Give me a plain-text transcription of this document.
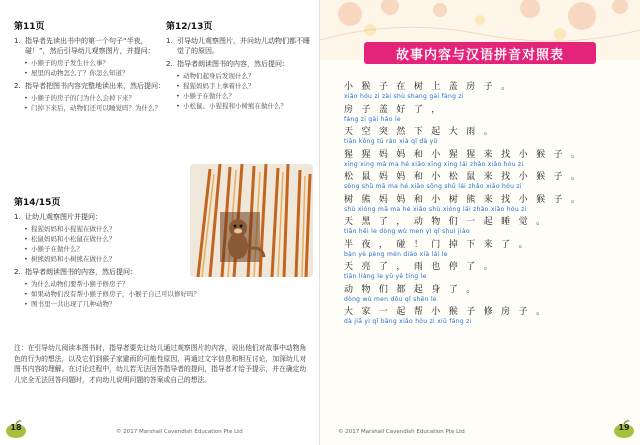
第11页
1. 指导者先读出书中的第一个句子“半夜，碰！”，然后引导幼儿观察图片，并提问：
• 小猴子的房子发生什么事？
• 屋里的动物怎么了？你怎么知道？
2. 指导者把图书内容完整地读出来，然后提问：
• 小猴子的房子的门为什么会掉下来？
• 门掉下来后，动物们还可以睡觉吗？为什么？
第12/13页
1. 引导幼儿观察图片，并问幼儿动物们都不睡觉了的原因。
2. 指导者朗读图书的内容，然后提问：
• 动物们起身后发现什么？
• 猩猩妈妈手上拿着什么？
• 小猴子在做什么？
• 小松鼠、小猩猩和小树熊在做什么？
第14/15页
1. 让幼儿观察图片并提问：
• 猩猩妈妈和小猩猩在做什么？
• 松鼠妈妈和小松鼠在做什么？
• 小猴子在做什么？
• 树熊妈妈和小树熊在做什么？
2. 指导者朗读图书的内容，然后提问：
• 为什么动物们要帮小猴子修房子？
• 如果动物们没有帮小猴子修房子，小猴子自己可以修好吗？
• 图书里一共出现了几种动物？
注：在引导幼儿阅读本图书时，指导者要先让幼儿通过观察图片的内容，说出他们对故事中动物角色的行为的想法，以及它们到猴子家避雨的可能性原因，再通过文字信息和相互讨论，加深幼儿对图书内容的理解。在讨论过程中，幼儿若无法回答指导者的提问，指导者才给予提示，并在确定幼儿完全无法回答问题时，才向幼儿说明问题的答案或自己的想法。
18	© 2017 Marshall Cavendish Education Pte Ltd
故事内容与汉语拼音对照表
小 猴 子 在 树 上 盖 房 子 。
xiǎo hóu zi zài shù shang gài fáng zi
房 子 盖 好 了 ，
fáng zi gài hǎo le
天 空 突 然 下 起 大 雨 。
tiān kōng tū rán xià qǐ dà yǔ
猩 猩 妈 妈 和 小 猩 猩 来 找 小 猴 子 。
xīng xing mā ma hé xiǎo xīng xing lái zhǎo xiǎo hóu zi
松 鼠 妈 妈 和 小 松 鼠 来 找 小 猴 子 。
sōng shǔ mā ma hé xiǎo sōng shǔ lái zhǎo xiǎo hóu zi
树 熊 妈 妈 和 小 树 熊 来 找 小 猴 子 。
shù xióng mā ma hé xiǎo shù xióng lái zhǎo xiǎo hóu zi
天 黑 了 ， 动 物 们 一 起 睡 觉 。
tiān hēi le dòng wù men yì qǐ shuì jiào
半 夜 ， 碰 ！ 门 掉 下 来 了 。
bàn yè pèng mén diào xià lái le
天 亮 了 ， 雨 也 停 了 。
tiān liàng le yǔ yě tíng le
动 物 们 都 起 身 了 。
dòng wù men dōu qǐ shēn le
大 家 一 起 帮 小 猴 子 修 房 子 。
dà jiā yì qǐ bāng xiǎo hóu zi xiū fáng zi
© 2017 Marshall Cavendish Education Pte Ltd	19
